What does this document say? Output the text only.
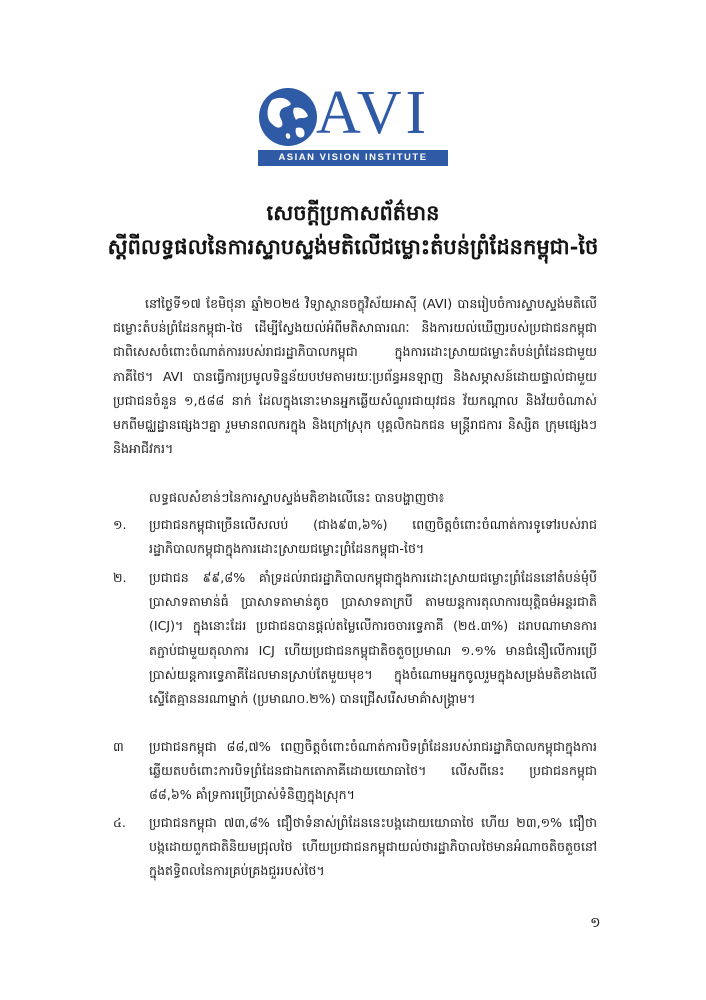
AVI
ASIAN VISION INSTITUTE
សេចក្តីប្រកាសព័ត៌មាន
ស្តីពីលទ្ធផលនៃការស្ទាបស្ទង់មតិលើជម្លោះតំបន់ព្រំដែនកម្ពុជា-ថៃ
នៅថ្ងៃទី១៧ ខែមិថុនា ឆ្នាំ២០២៥ វិទ្យាស្ថានចក្ខុវិស័យអាស៊ី (AVI) បានរៀបចំការស្ទាបស្ទង់មតិលើជម្លោះតំបន់ព្រំដែនកម្ពុជា-ថៃ ដើម្បីស្វែងយល់អំពីមតិសាធារណៈ និងការយល់ឃើញរបស់ប្រជាជនកម្ពុជា ជាពិសេសចំពោះចំណាត់ការរបស់រាជរដ្ឋាភិបាលកម្ពុជា ក្នុងការដោះស្រាយជម្លោះតំបន់ព្រំដែនជាមួយភាគីថៃ។ AVI បានធ្វើការប្រមូលទិន្នន័យបឋមតាមរយៈប្រព័ន្ធអនឡាញ និងសម្ភាសន៍ដោយផ្ទាល់ជាមួយប្រជាជនចំនួន ១,៥៨៨ នាក់ ដែលក្នុងនោះមានអ្នកឆ្លើយសំណួរជាយុវជន វ័យកណ្តាល និងវ័យចំណាស់ មកពីមជ្ឈដ្ឋានផ្សេងៗគ្នា រួមមានពលករក្នុង និងក្រៅស្រុក បុគ្គលិកឯកជន មន្ត្រីរាជការ និស្សិត ក្រុមផ្សេងៗ និងអាជីវករ។
លទ្ធផលសំខាន់ៗនៃការស្ទាបស្ទង់មតិខាងលើនេះ បានបង្ហាញថា៖
១.	ប្រជាជនកម្ពុជាច្រើនលើសលប់ (ជាង៩៣,៦%) ពេញចិត្តចំពោះចំណាត់ការទូទៅរបស់រាជរដ្ឋាភិបាលកម្ពុជាក្នុងការដោះស្រាយជម្លោះព្រំដែនកម្ពុជា-ថៃ។
២.	ប្រជាជន ៩៩,៨% គាំទ្រដល់រាជរដ្ឋាភិបាលកម្ពុជាក្នុងការដោះស្រាយជម្លោះព្រំដែននៅតំបន់មុំបី ប្រាសាទតាមាន់ធំ ប្រាសាទតាមាន់តូច ប្រាសាទតាក្របី តាមយន្តការតុលាការយុត្តិធម៌អន្តរជាតិ (ICJ)។ ក្នុងនោះដែរ ប្រជាជនបានផ្តល់តម្លៃលើការចចារទ្វេភាគី (២៥.៣%) ដរាបណាមានការតភ្ជាប់ជាមួយតុលាការ ICJ ហើយប្រជាជនកម្ពុជាតិចតួចប្រមាណ ១.១% មានជំនឿលើការប្រើប្រាស់យន្តការទ្វេភាគីដែលមានស្រាប់តែមួយមុខ។ ក្នុងចំណោមអ្នកចូលរួមក្នុងសម្រង់មតិខាងលើ ស្ទើតែគ្មាននរណាម្នាក់ (ប្រមាណ០.២%) បានជ្រើសរើសមាគ៌ាសង្គ្រាម។
៣	ប្រជាជនកម្ពុជា ៨៨,៧% ពេញចិត្តចំពោះចំណាត់ការបិទព្រំដែនរបស់រាជរដ្ឋាភិបាលកម្ពុជាក្នុងការឆ្លើយតបចំពោះការបិទព្រំដែនជាឯកតោភាគីដោយយោធាថៃ។ លើសពីនេះ ប្រជាជនកម្ពុជា ៨៨,៦% គាំទ្រការប្រើប្រាស់ទំនិញក្នុងស្រុក។
៤.	ប្រជាជនកម្ពុជា ៧៣,៨% ជឿថាទំនាស់ព្រំដែននេះបង្កដោយយោធាថៃ ហើយ ២៣,១% ជឿថាបង្កដោយពួកជាតិនិយមជ្រុលថៃ ហើយប្រជាជនកម្ពុជាយល់ថារដ្ឋាភិបាលថៃមានអំណាចតិចតួចនៅក្នុងឥទ្ធិពលនៃការគ្រប់គ្រងជួររបស់ថៃ។
១
